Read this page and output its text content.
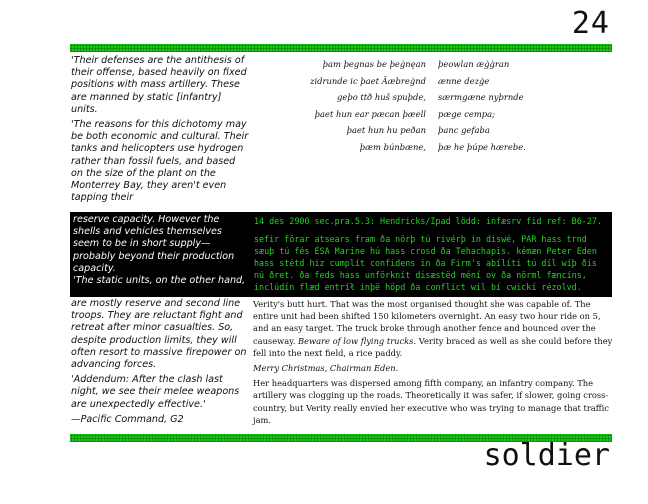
24

'Their defenses are the antithesis of their offense, based heavily on fixed positions with mass artillery. These are manned by static [infantry] units.

'The reasons for this dichotomy may be both economic and cultural. Their tanks and helicopters use hydrogen rather than fossil fuels, and based on the size of the plant on the Monterrey Bay, they aren't even tapping their

þam þegnas be þeġnęan	þeowlan æġġran
zidrunde ic þaet Āæbreġnd	ænne dezġe
geþo ttð huš spuþde,	særmgæne nyþrnde
þaet hun ear pæcan þæell	pæge cempa;
þaet hun hu peðan	þanc gefaba
þæm búnbæne,	þæ he þúpe hærebe.

reserve capacity. However the

shells and vehicles themselves

seem to be in short supply—

probably beyond their production

capacity.

'The static units, on the other hand,

14 des 2900 sec.pra.5.3: Hendricks/Ipad lödd: infæsrv fid ref: B6-27.
sefir förar atsears fram ða nörþ tú rivérþ in diswé, PAR hass trnd sæuþ tú fés ÉSA Marine hú hass crosd ða Tehachapis. kémæn Peter Eden hass stétd hiz cumplít confidens in ða Firm's abílíti tú díl wíþ ðis nú ðret. ða feds hass unförknít disæstëd méní ov ða nörml fæncíns, inclúdín flæd entríł inþë höpd ða conflict wil bí cwickí rézolvd.

are mostly reserve and second line troops. They are reluctant fight and retreat after minor casualties. So, despite production limits, they will often resort to massive firepower on advancing forces.

'Addendum: After the clash last night, we see their melee weapons are unexpectedly effective.'

—Pacific Command, G2

Verity's butt hurt. That was the most organised thought she was capable of. The entire unit had been shifted 150 kilometers overnight. An easy two hour ride on 5, and an easy target. The truck broke through another fence and bounced over the causeway. Beware of low flying trucks. Verity braced as well as she could before they fell into the next field, a rice paddy.

Merry Christmas, Chairman Eden.

Her headquarters was dispersed among fifth company, an infantry company. The artillery was clogging up the roads. Theoretically it was safer, if slower, going cross-country, but Verity really envied her executive who was trying to manage that traffic jam.

soldier
